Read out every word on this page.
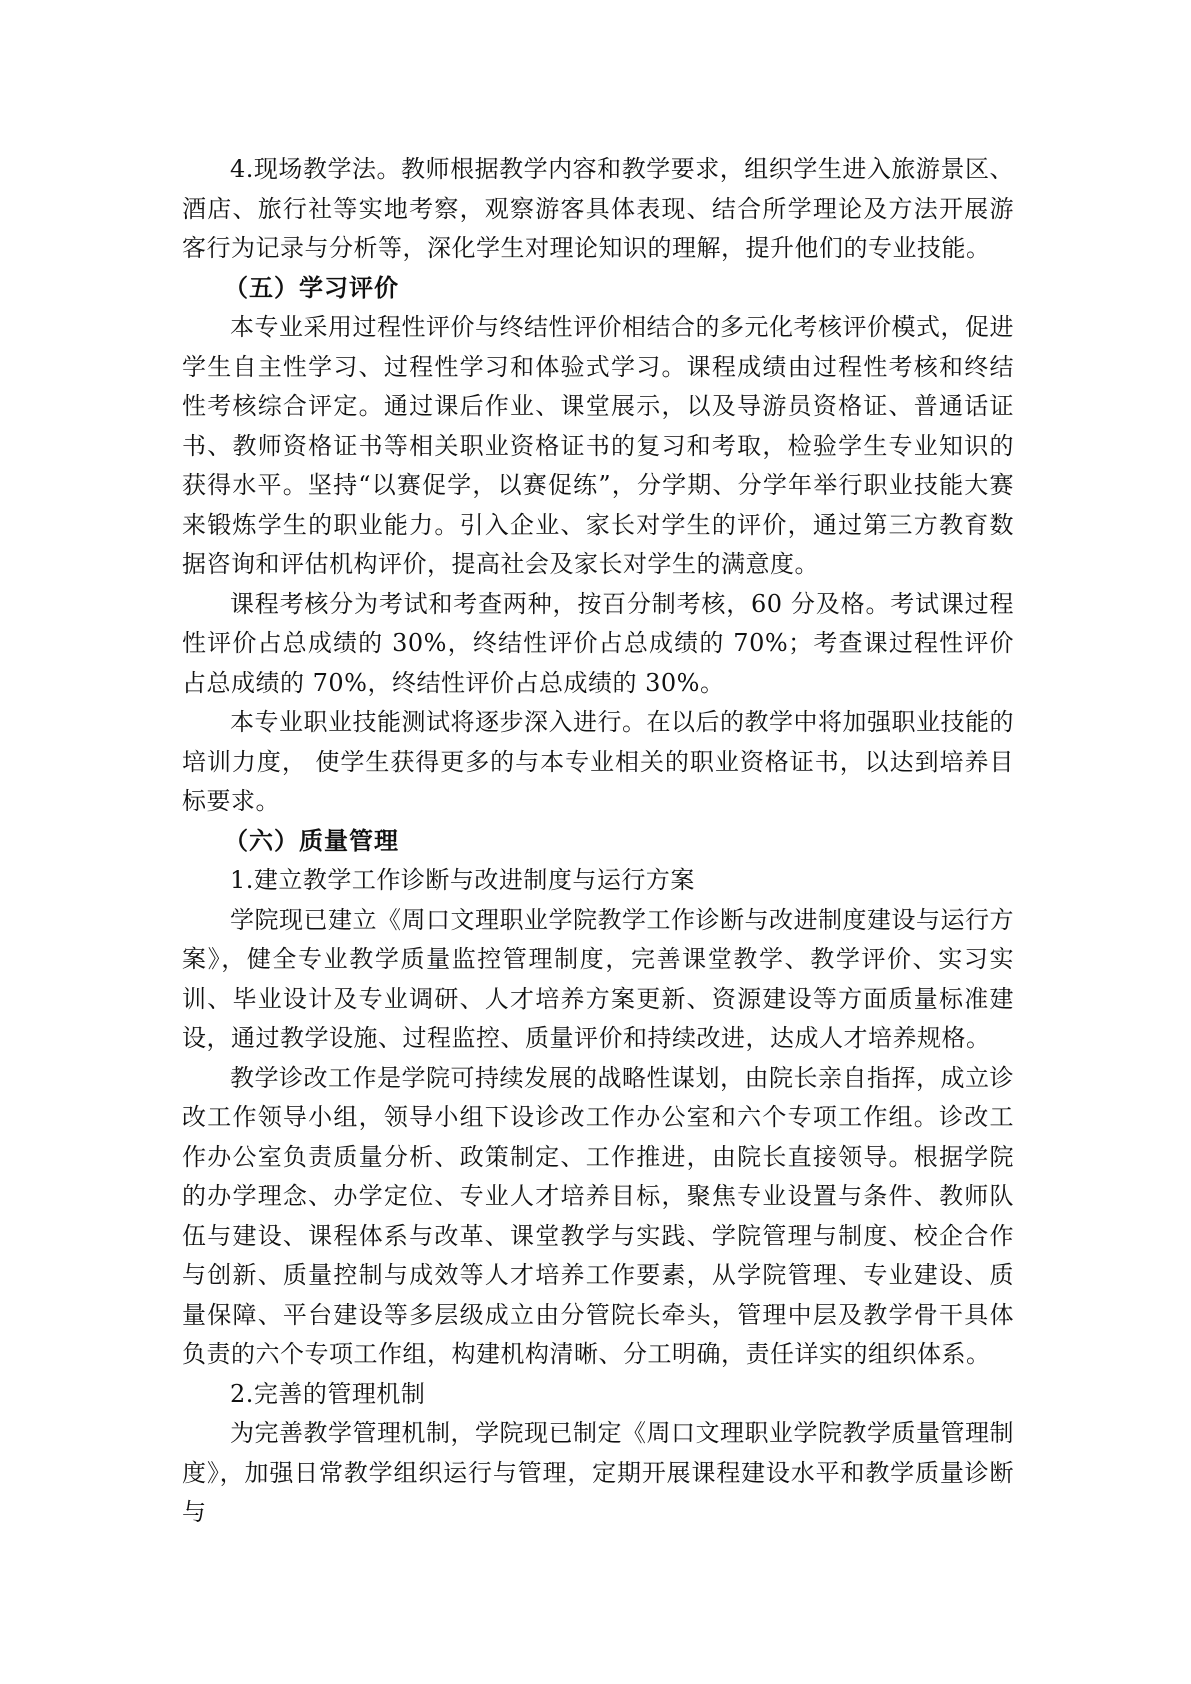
4.现场教学法。教师根据教学内容和教学要求，组织学生进入旅游景区、酒店、旅行社等实地考察，观察游客具体表现、结合所学理论及方法开展游客行为记录与分析等，深化学生对理论知识的理解，提升他们的专业技能。

（五）学习评价

本专业采用过程性评价与终结性评价相结合的多元化考核评价模式，促进学生自主性学习、过程性学习和体验式学习。课程成绩由过程性考核和终结性考核综合评定。通过课后作业、课堂展示，以及导游员资格证、普通话证书、教师资格证书等相关职业资格证书的复习和考取，检验学生专业知识的获得水平。坚持“以赛促学，以赛促练”，分学期、分学年举行职业技能大赛来锻炼学生的职业能力。引入企业、家长对学生的评价，通过第三方教育数据咨询和评估机构评价，提高社会及家长对学生的满意度。

课程考核分为考试和考查两种，按百分制考核，60 分及格。考试课过程性评价占总成绩的 30%，终结性评价占总成绩的 70%；考查课过程性评价占总成绩的 70%，终结性评价占总成绩的 30%。

本专业职业技能测试将逐步深入进行。在以后的教学中将加强职业技能的培训力度， 使学生获得更多的与本专业相关的职业资格证书，以达到培养目标要求。

（六）质量管理
1.建立教学工作诊断与改进制度与运行方案

学院现已建立《周口文理职业学院教学工作诊断与改进制度建设与运行方案》，健全专业教学质量监控管理制度，完善课堂教学、教学评价、实习实训、毕业设计及专业调研、人才培养方案更新、资源建设等方面质量标准建设，通过教学设施、过程监控、质量评价和持续改进，达成人才培养规格。

教学诊改工作是学院可持续发展的战略性谋划，由院长亲自指挥，成立诊改工作领导小组，领导小组下设诊改工作办公室和六个专项工作组。诊改工作办公室负责质量分析、政策制定、工作推进，由院长直接领导。根据学院的办学理念、办学定位、专业人才培养目标，聚焦专业设置与条件、教师队伍与建设、课程体系与改革、课堂教学与实践、学院管理与制度、校企合作与创新、质量控制与成效等人才培养工作要素，从学院管理、专业建设、质量保障、平台建设等多层级成立由分管院长牵头，管理中层及教学骨干具体负责的六个专项工作组，构建机构清晰、分工明确，责任详实的组织体系。

2.完善的管理机制

为完善教学管理机制，学院现已制定《周口文理职业学院教学质量管理制度》，加强日常教学组织运行与管理，定期开展课程建设水平和教学质量诊断与
